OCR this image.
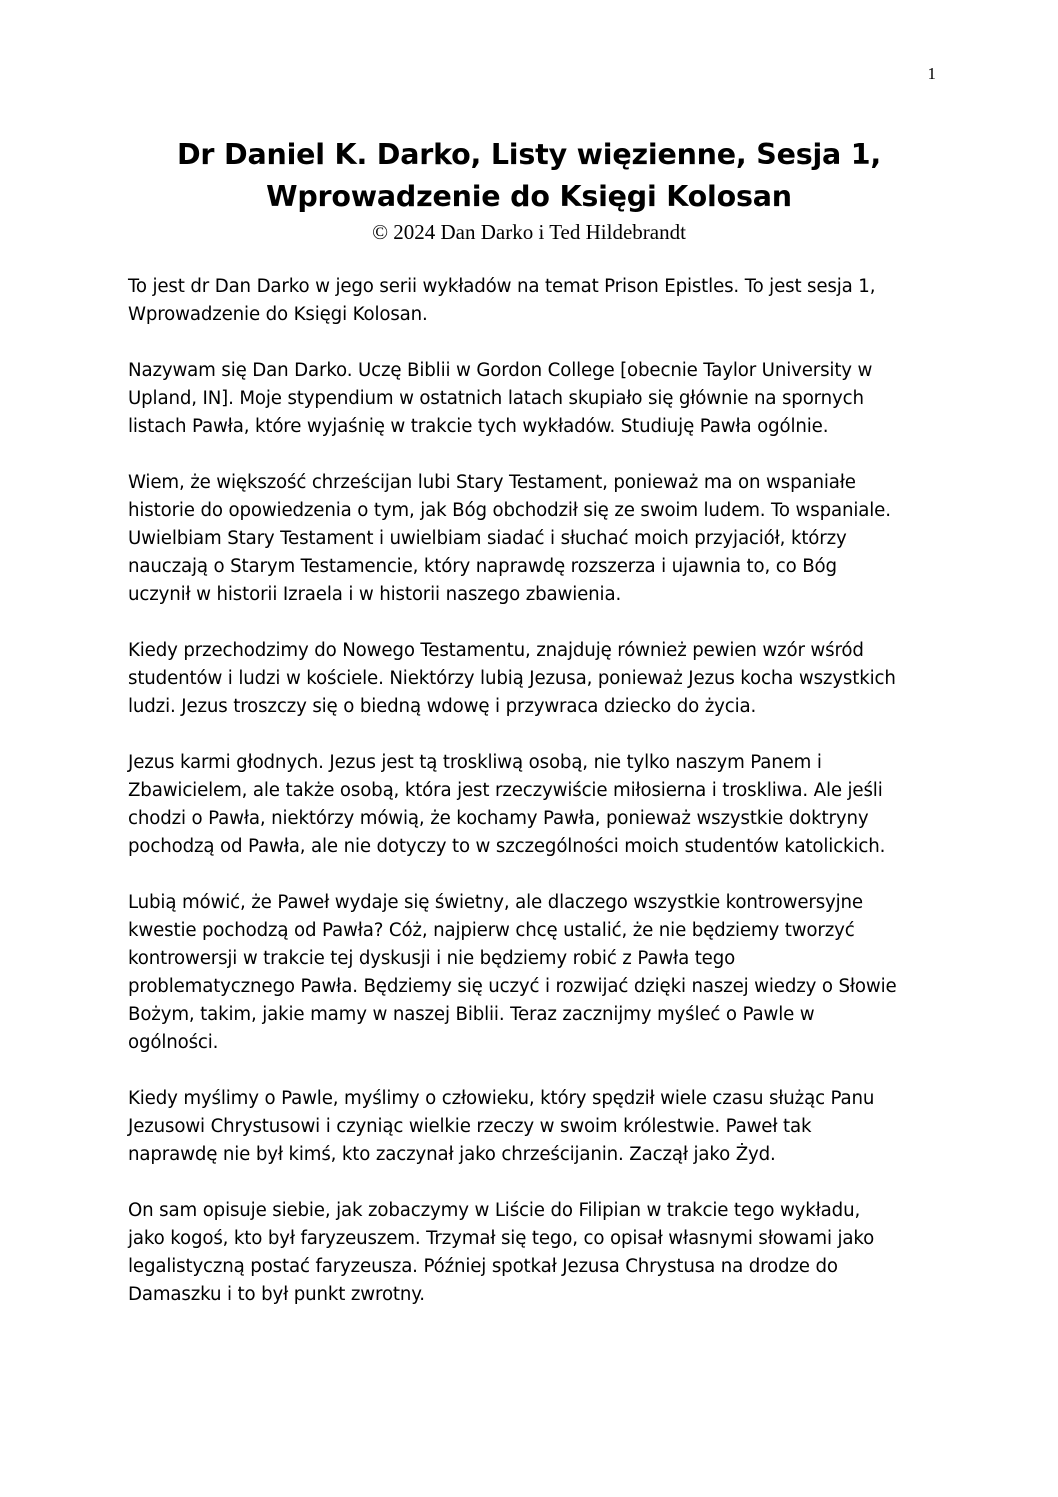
1
Dr Daniel K. Darko, Listy więzienne, Sesja 1,
Wprowadzenie do Księgi Kolosan
© 2024 Dan Darko i Ted Hildebrandt
To jest dr Dan Darko w jego serii wykładów na temat Prison Epistles. To jest sesja 1,
Wprowadzenie do Księgi Kolosan.
Nazywam się Dan Darko. Uczę Biblii w Gordon College [obecnie Taylor University w
Upland, IN]. Moje stypendium w ostatnich latach skupiało się głównie na spornych
listach Pawła, które wyjaśnię w trakcie tych wykładów. Studiuję Pawła ogólnie.
Wiem, że większość chrześcijan lubi Stary Testament, ponieważ ma on wspaniałe
historie do opowiedzenia o tym, jak Bóg obchodził się ze swoim ludem. To wspaniale.
Uwielbiam Stary Testament i uwielbiam siadać i słuchać moich przyjaciół, którzy
nauczają o Starym Testamencie, który naprawdę rozszerza i ujawnia to, co Bóg
uczynił w historii Izraela i w historii naszego zbawienia.
Kiedy przechodzimy do Nowego Testamentu, znajduję również pewien wzór wśród
studentów i ludzi w kościele. Niektórzy lubią Jezusa, ponieważ Jezus kocha wszystkich
ludzi. Jezus troszczy się o biedną wdowę i przywraca dziecko do życia.
Jezus karmi głodnych. Jezus jest tą troskliwą osobą, nie tylko naszym Panem i
Zbawicielem, ale także osobą, która jest rzeczywiście miłosierna i troskliwa. Ale jeśli
chodzi o Pawła, niektórzy mówią, że kochamy Pawła, ponieważ wszystkie doktryny
pochodzą od Pawła, ale nie dotyczy to w szczególności moich studentów katolickich.
Lubią mówić, że Paweł wydaje się świetny, ale dlaczego wszystkie kontrowersyjne
kwestie pochodzą od Pawła? Cóż, najpierw chcę ustalić, że nie będziemy tworzyć
kontrowersji w trakcie tej dyskusji i nie będziemy robić z Pawła tego
problematycznego Pawła. Będziemy się uczyć i rozwijać dzięki naszej wiedzy o Słowie
Bożym, takim, jakie mamy w naszej Biblii. Teraz zacznijmy myśleć o Pawle w
ogólności.
Kiedy myślimy o Pawle, myślimy o człowieku, który spędził wiele czasu służąc Panu
Jezusowi Chrystusowi i czyniąc wielkie rzeczy w swoim królestwie. Paweł tak
naprawdę nie był kimś, kto zaczynał jako chrześcijanin. Zaczął jako Żyd.
On sam opisuje siebie, jak zobaczymy w Liście do Filipian w trakcie tego wykładu,
jako kogoś, kto był faryzeuszem. Trzymał się tego, co opisał własnymi słowami jako
legalistyczną postać faryzeusza. Później spotkał Jezusa Chrystusa na drodze do
Damaszku i to był punkt zwrotny.
